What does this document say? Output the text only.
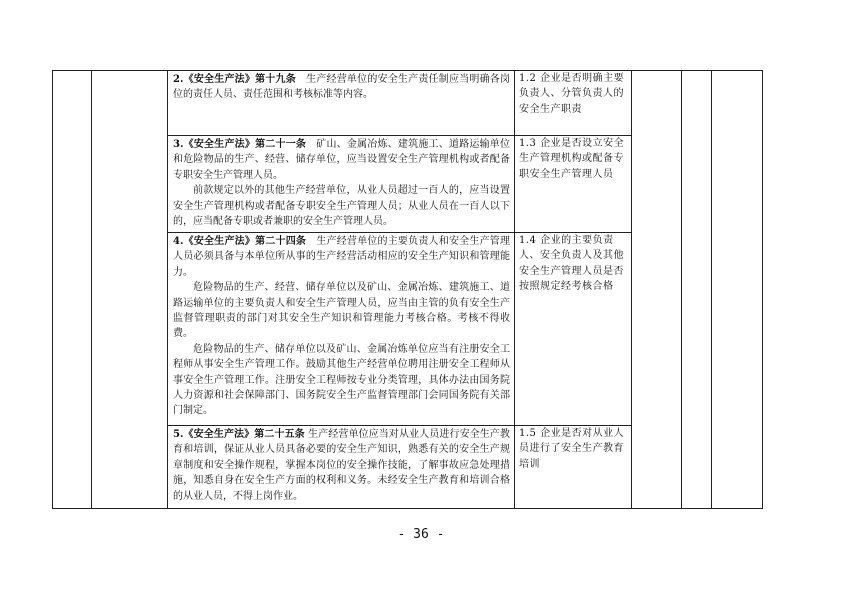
		2.《安全生产法》第十九条 生产经营单位的安全生产责任制应当明确各岗位的责任人员、责任范围和考核标准等内容。	1.2 企业是否明确主要负责人、分管负责人的安全生产职责			

		3.《安全生产法》第二十一条 矿山、金属冶炼、建筑施工、道路运输单位和危险物品的生产、经营、储存单位，应当设置安全生产管理机构或者配备专职安全生产管理人员。

前款规定以外的其他生产经营单位，从业人员超过一百人的，应当设置安全生产管理机构或者配备专职安全生产管理人员；从业人员在一百人以下的，应当配备专职或者兼职的安全生产管理人员。	1.3 企业是否设立安全生产管理机构或配备专职安全生产管理人员			

		4.《安全生产法》第二十四条 生产经营单位的主要负责人和安全生产管理人员必须具备与本单位所从事的生产经营活动相应的安全生产知识和管理能力。

危险物品的生产、经营、储存单位以及矿山、金属冶炼、建筑施工、道路运输单位的主要负责人和安全生产管理人员，应当由主管的负有安全生产监督管理职责的部门对其安全生产知识和管理能力考核合格。考核不得收费。

危险物品的生产、储存单位以及矿山、金属冶炼单位应当有注册安全工程师从事安全生产管理工作。鼓励其他生产经营单位聘用注册安全工程师从事安全生产管理工作。注册安全工程师按专业分类管理，具体办法由国务院人力资源和社会保障部门、国务院安全生产监督管理部门会同国务院有关部门制定。	1.4 企业的主要负责人、安全负责人及其他安全生产管理人员是否按照规定经考核合格			

		5.《安全生产法》第二十五条 生产经营单位应当对从业人员进行安全生产教育和培训，保证从业人员具备必要的安全生产知识，熟悉有关的安全生产规章制度和安全操作规程，掌握本岗位的安全操作技能，了解事故应急处理措施，知悉自身在安全生产方面的权利和义务。未经安全生产教育和培训合格的从业人员，不得上岗作业。	1.5 企业是否对从业人员进行了安全生产教育培训			
- 36 -
